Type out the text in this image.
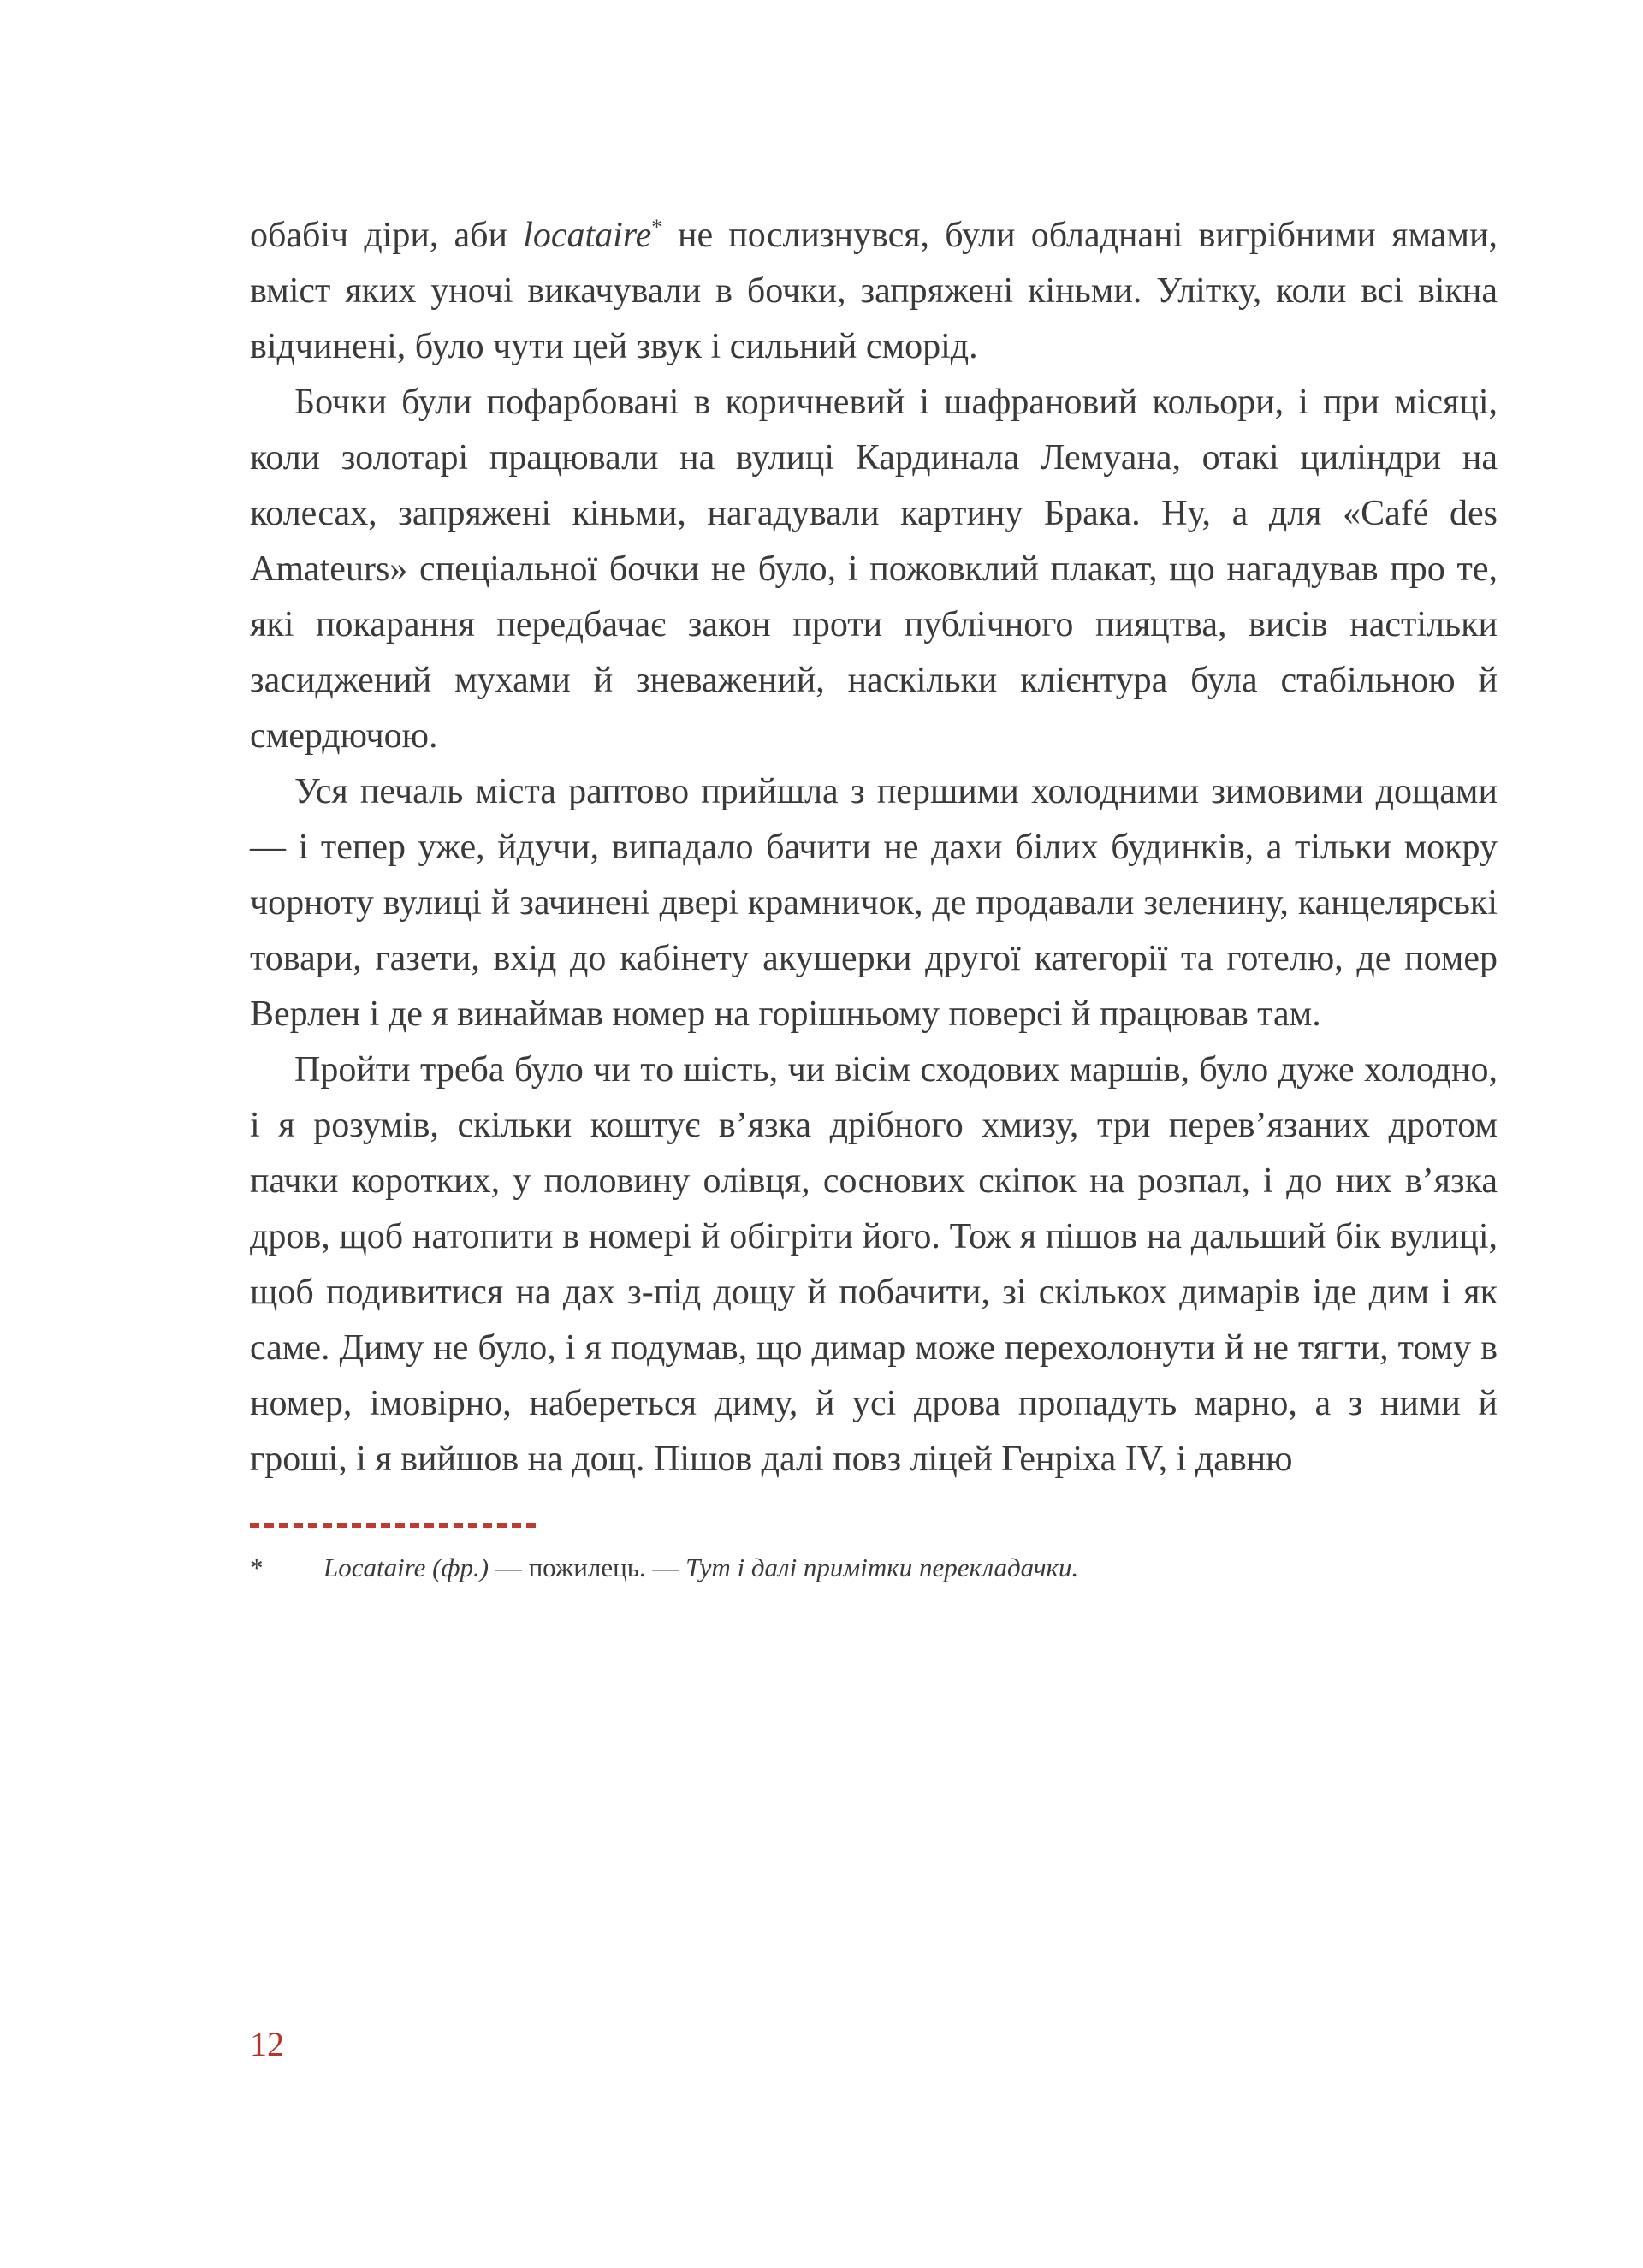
обабіч діри, аби locataire* не послизнувся, були обладнані вигрібними ямами, вміст яких уночі викачували в бочки, запряжені кіньми. Улітку, коли всі вікна відчинені, було чути цей звук і сильний сморід.

Бочки були пофарбовані в коричневий і шафрановий кольори, і при місяці, коли золотарі працювали на вулиці Кардинала Лемуана, отакі циліндри на колесах, запряжені кіньми, нагадували картину Брака. Ну, а для «Café des Amateurs» спеціальної бочки не було, і пожовклий плакат, що нагадував про те, які покарання передбачає закон проти публічного пияцтва, висів настільки засиджений мухами й зневажений, наскільки клієнтура була стабільною й смердючою.

Уся печаль міста раптово прийшла з першими холодними зимовими дощами — і тепер уже, йдучи, випадало бачити не дахи білих будинків, а тільки мокру чорноту вулиці й зачинені двері крамничок, де продавали зеленину, канцелярські товари, газети, вхід до кабінету акушерки другої категорії та готелю, де помер Верлен і де я винаймав номер на горішньому поверсі й працював там.

Пройти треба було чи то шість, чи вісім сходових маршів, було дуже холодно, і я розумів, скільки коштує в’язка дрібного хмизу, три перев’язаних дротом пачки коротких, у половину олівця, соснових скіпок на розпал, і до них в’язка дров, щоб натопити в номері й обігріти його. Тож я пішов на дальший бік вулиці, щоб подивитися на дах з-під дощу й побачити, зі скількох димарів іде дим і як саме. Диму не було, і я подумав, що димар може перехолонути й не тягти, тому в номер, імовірно, набереться диму, й усі дрова пропадуть марно, а з ними й гроші, і я вийшов на дощ. Пішов далі повз ліцей Генріха IV, і давню

*	Locataire (фр.) — пожилець. — Тут і далі примітки перекладачки.
12
